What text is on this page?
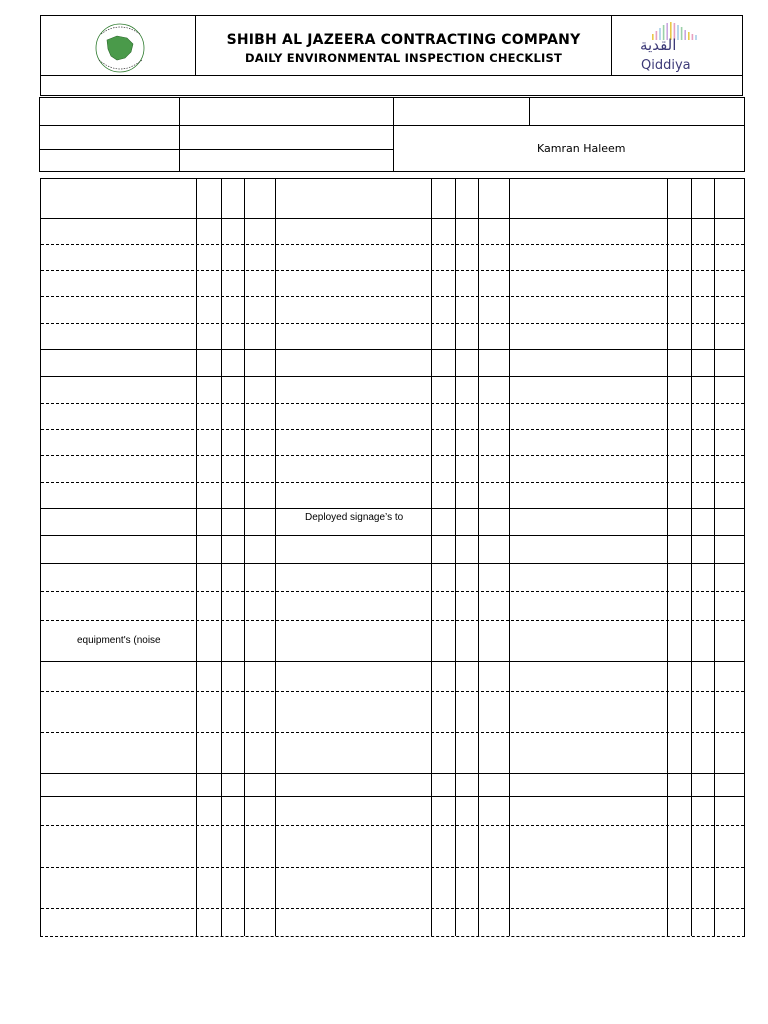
SHIBH AL JAZEERA CONTRACTING COMPANY
DAILY ENVIRONMENTAL INSPECTION CHECKLIST
القدية
Qiddiya
Kamran Haleem
Deployed signage’s to
equipment's (noise
